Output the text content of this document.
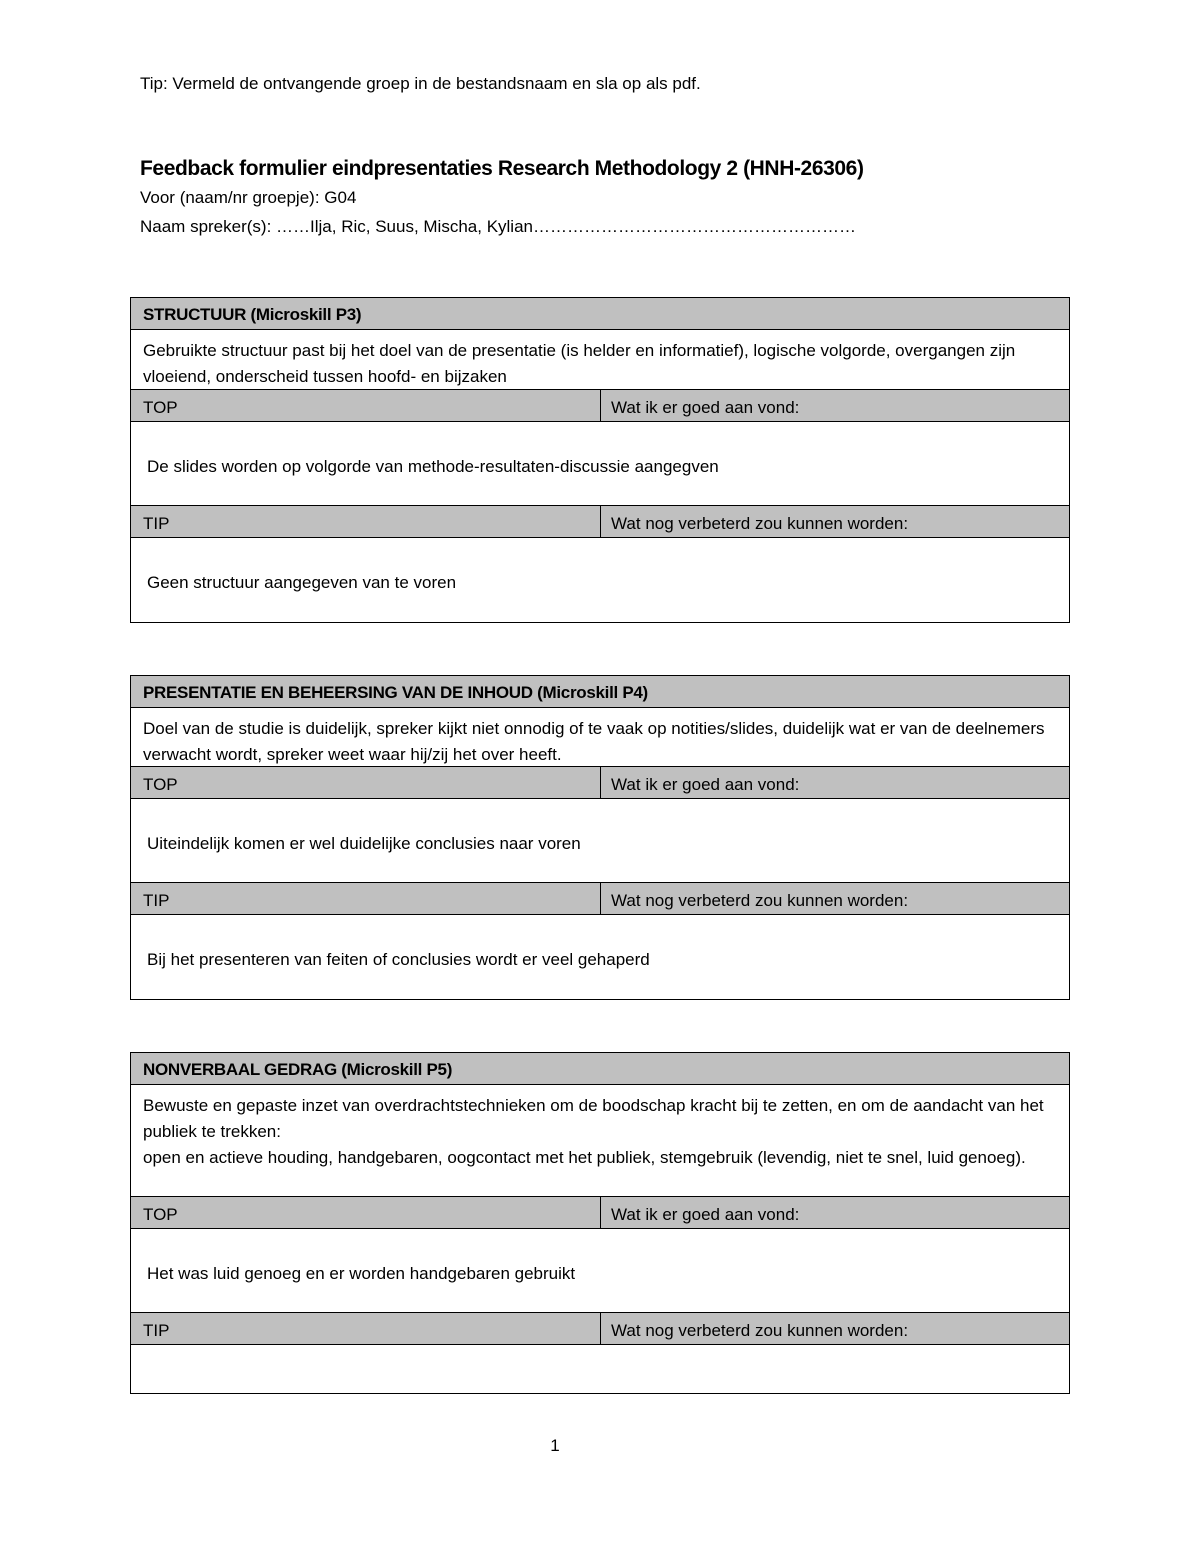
Tip: Vermeld de ontvangende groep in de bestandsnaam en sla op als pdf.
Feedback formulier eindpresentaties Research Methodology 2 (HNH-26306)
Voor (naam/nr groepje): G04
Naam spreker(s): ……Ilja, Ric, Suus, Mischa, Kylian…………………………………………………
STRUCTUUR (Microskill P3)
Gebruikte structuur past bij het doel van de presentatie (is helder en informatief), logische volgorde, overgangen zijn vloeiend, onderscheid tussen hoofd- en bijzaken
TOP	Wat ik er goed aan vond:
De slides worden op volgorde van methode-resultaten-discussie aangegven
TIP	Wat nog verbeterd zou kunnen worden:
Geen structuur aangegeven van te voren
PRESENTATIE EN BEHEERSING VAN DE INHOUD (Microskill P4)
Doel van de studie is duidelijk, spreker kijkt niet onnodig of te vaak op notities/slides, duidelijk wat er van de deelnemers verwacht wordt, spreker weet waar hij/zij het over heeft.
TOP	Wat ik er goed aan vond:
Uiteindelijk komen er wel duidelijke conclusies naar voren
TIP	Wat nog verbeterd zou kunnen worden:
Bij het presenteren van feiten of conclusies wordt er veel gehaperd
NONVERBAAL GEDRAG (Microskill P5)
Bewuste en gepaste inzet van overdrachtstechnieken om de boodschap kracht bij te zetten, en om de aandacht van het publiek te trekken:
open en actieve houding, handgebaren, oogcontact met het publiek, stemgebruik (levendig, niet te snel, luid genoeg).
TOP	Wat ik er goed aan vond:
Het was luid genoeg en er worden handgebaren gebruikt
TIP	Wat nog verbeterd zou kunnen worden:
1
